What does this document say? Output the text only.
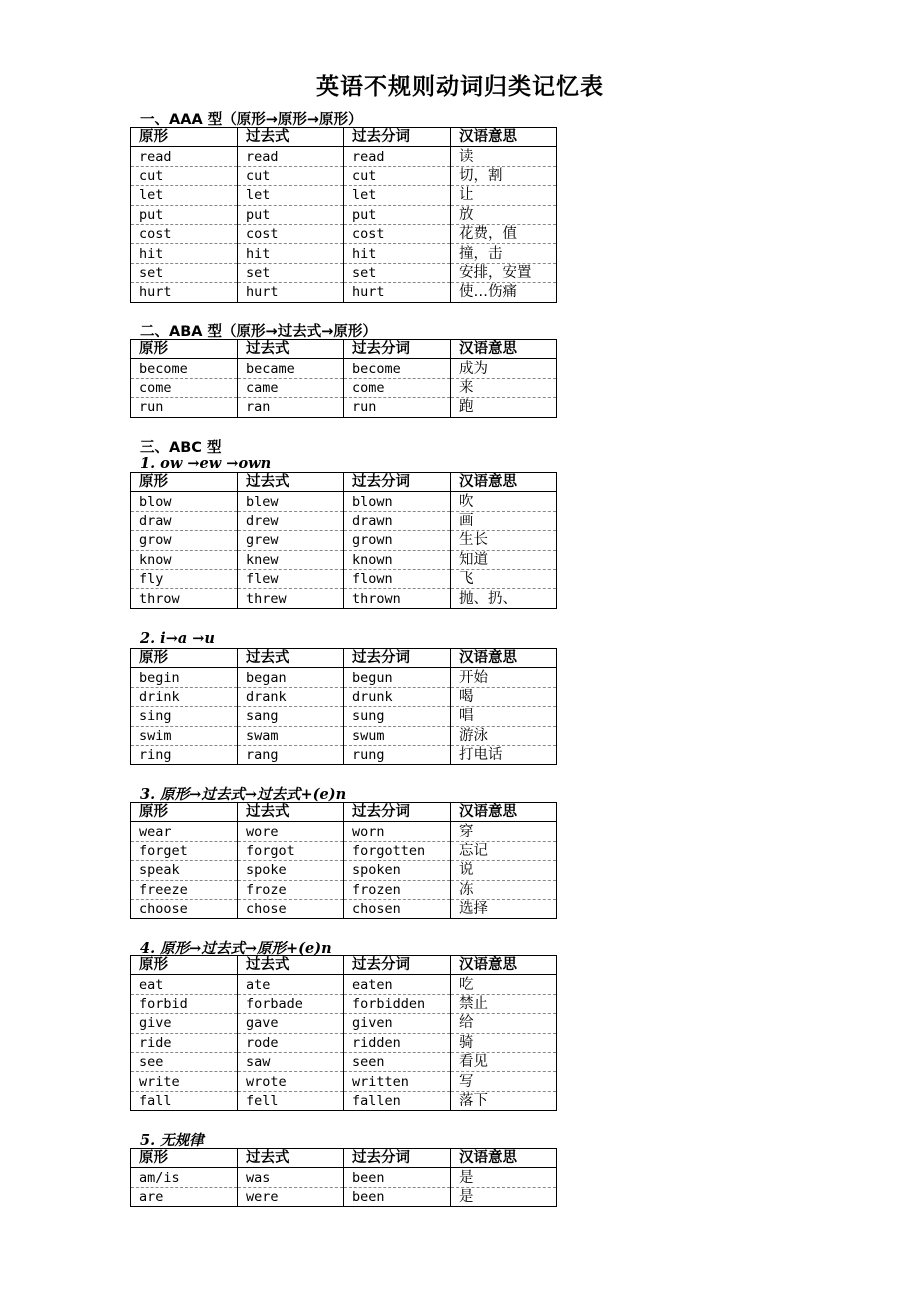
英语不规则动词归类记忆表
一、AAA 型（原形→原形→原形）
原形	过去式	过去分词	汉语意思
read	read	read	读
cut	cut	cut	切，割
let	let	let	让
put	put	put	放
cost	cost	cost	花费，值
hit	hit	hit	撞，击
set	set	set	安排，安置
hurt	hurt	hurt	使…伤痛
二、ABA 型（原形→过去式→原形）
原形	过去式	过去分词	汉语意思
become	became	become	成为
come	came	come	来
run	ran	run	跑
三、ABC 型
1. ow →ew →own
原形	过去式	过去分词	汉语意思
blow	blew	blown	吹
draw	drew	drawn	画
grow	grew	grown	生长
know	knew	known	知道
fly	flew	flown	飞
throw	threw	thrown	抛、扔、
2. i→a →u
原形	过去式	过去分词	汉语意思
begin	began	begun	开始
drink	drank	drunk	喝
sing	sang	sung	唱
swim	swam	swum	游泳
ring	rang	rung	打电话
3. 原形→过去式→过去式+(e)n
原形	过去式	过去分词	汉语意思
wear	wore	worn	穿
forget	forgot	forgotten	忘记
speak	spoke	spoken	说
freeze	froze	frozen	冻
choose	chose	chosen	选择
4. 原形→过去式→原形+(e)n
原形	过去式	过去分词	汉语意思
eat	ate	eaten	吃
forbid	forbade	forbidden	禁止
give	gave	given	给
ride	rode	ridden	骑
see	saw	seen	看见
write	wrote	written	写
fall	fell	fallen	落下
5. 无规律
原形	过去式	过去分词	汉语意思
am/is	was	been	是
are	were	been	是
